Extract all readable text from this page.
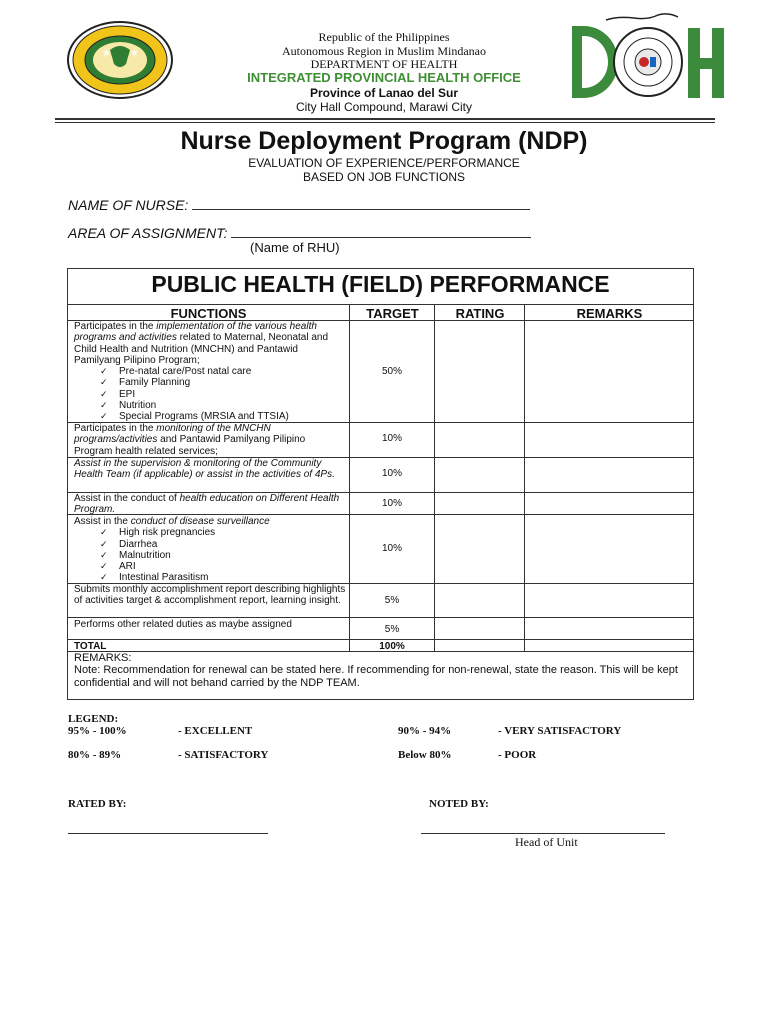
★ ★
Republic of the Philippines
Autonomous Region in Muslim Mindanao
DEPARTMENT OF HEALTH
INTEGRATED PROVINCIAL HEALTH OFFICE
Province of Lanao del Sur
City Hall Compound, Marawi City
Nurse Deployment Program (NDP)
EVALUATION OF EXPERIENCE/PERFORMANCE
BASED ON JOB FUNCTIONS
NAME OF NURSE:
AREA OF ASSIGNMENT:
(Name of RHU)
PUBLIC HEALTH (FIELD) PERFORMANCE
FUNCTIONS	TARGET	RATING	REMARKS
Participates in the implementation of the various health programs and activities related to Maternal, Neonatal and Child Health and Nutrition (MNCHN) and Pantawid Pamilyang Pilipino Program;
✓ Pre-natal care/Post natal care
✓ Family Planning
✓ EPI
✓ Nutrition
✓ Special Programs (MRSIA and TTSIA)
50%
Participates in the monitoring of the MNCHN programs/activities and Pantawid Pamilyang Pilipino Program health related services;
10%
Assist in the supervision & monitoring of the Community Health Team (if applicable) or assist in the activities of 4Ps.	10%
Assist in the conduct of health education on Different Health Program.
10%
Assist in the conduct of disease surveillance
✓ High risk pregnancies
✓ Diarrhea
✓ Malnutrition
✓ ARI
✓ Intestinal Parasitism
10%
Submits monthly accomplishment report describing highlights of activities target & accomplishment report, learning insight.	5%
Performs other related duties as maybe assigned	5%
TOTAL	100%
REMARKS:
Note: Recommendation for renewal can be stated here. If recommending for non-renewal, state the reason. This will be kept confidential and will not behand carried by the NDP TEAM.
LEGEND:
95% - 100%	- EXCELLENT	90% - 94%	- VERY SATISFACTORY
80% - 89%	- SATISFACTORY	Below 80%	- POOR
RATED BY:	NOTED BY:
Head of Unit
